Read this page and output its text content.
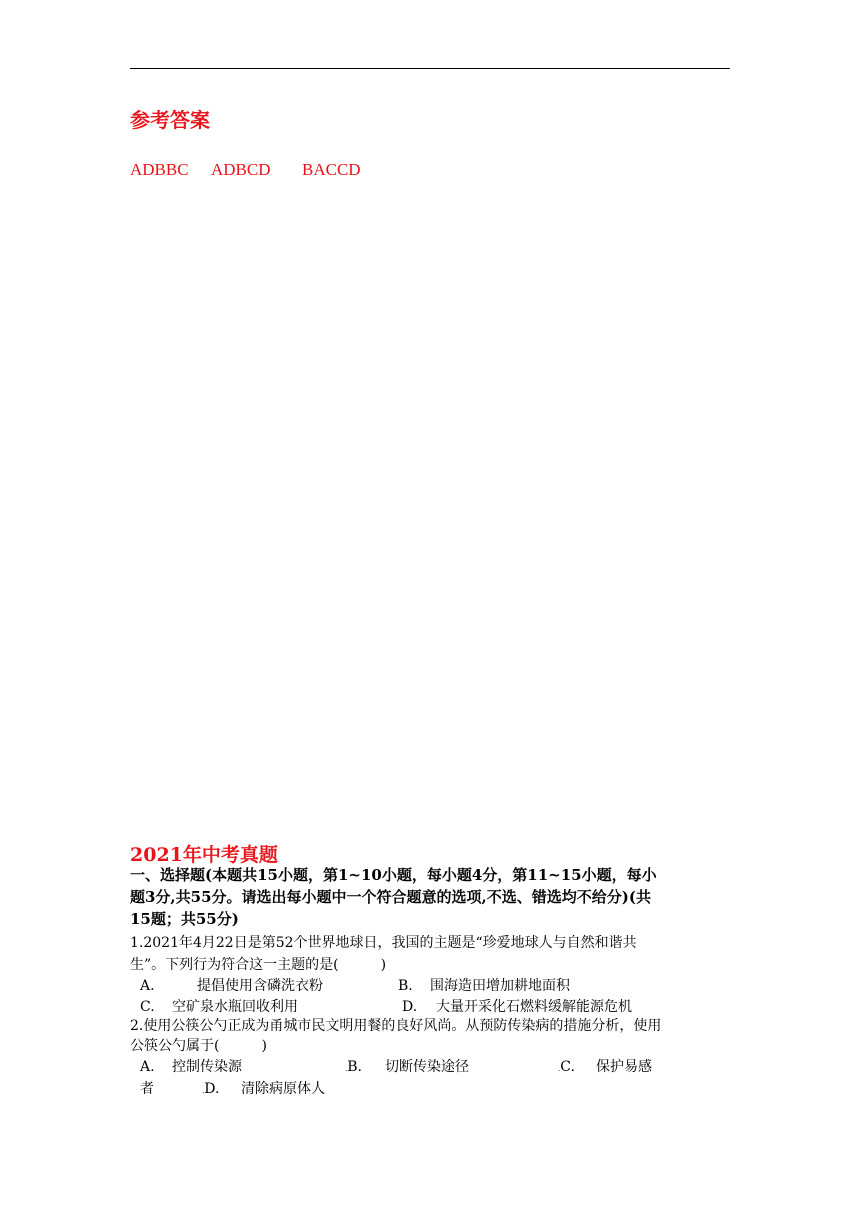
参考答案
ADBBC ADBCD BACCD
2021年中考真题
一、选择题(本题共15小题，第1~10小题，每小题4分，第11~15小题，每小
题3分,共55分。请选出每小题中一个符合题意的选项,不选、错选均不给分)(共
15题；共55分)
1.2021年4月22日是第52个世界地球日，我国的主题是“珍爱地球人与自然和谐共
生”。下列行为符合这一主题的是(　　　)
A.	提倡使用含磷洗衣粉	B. 围海造田增加耕地面积
C. 空矿泉水瓶回收利用	D. 大量开采化石燃料缓解能源危机
2.使用公筷公勺正成为甬城市民文明用餐的良好风尚。从预防传染病的措施分析，使用
公筷公勺属于(　　　)
A. 控制传染源	.B. 切断传染途径	.C. 保护易感
者	.D. 清除病原体人
